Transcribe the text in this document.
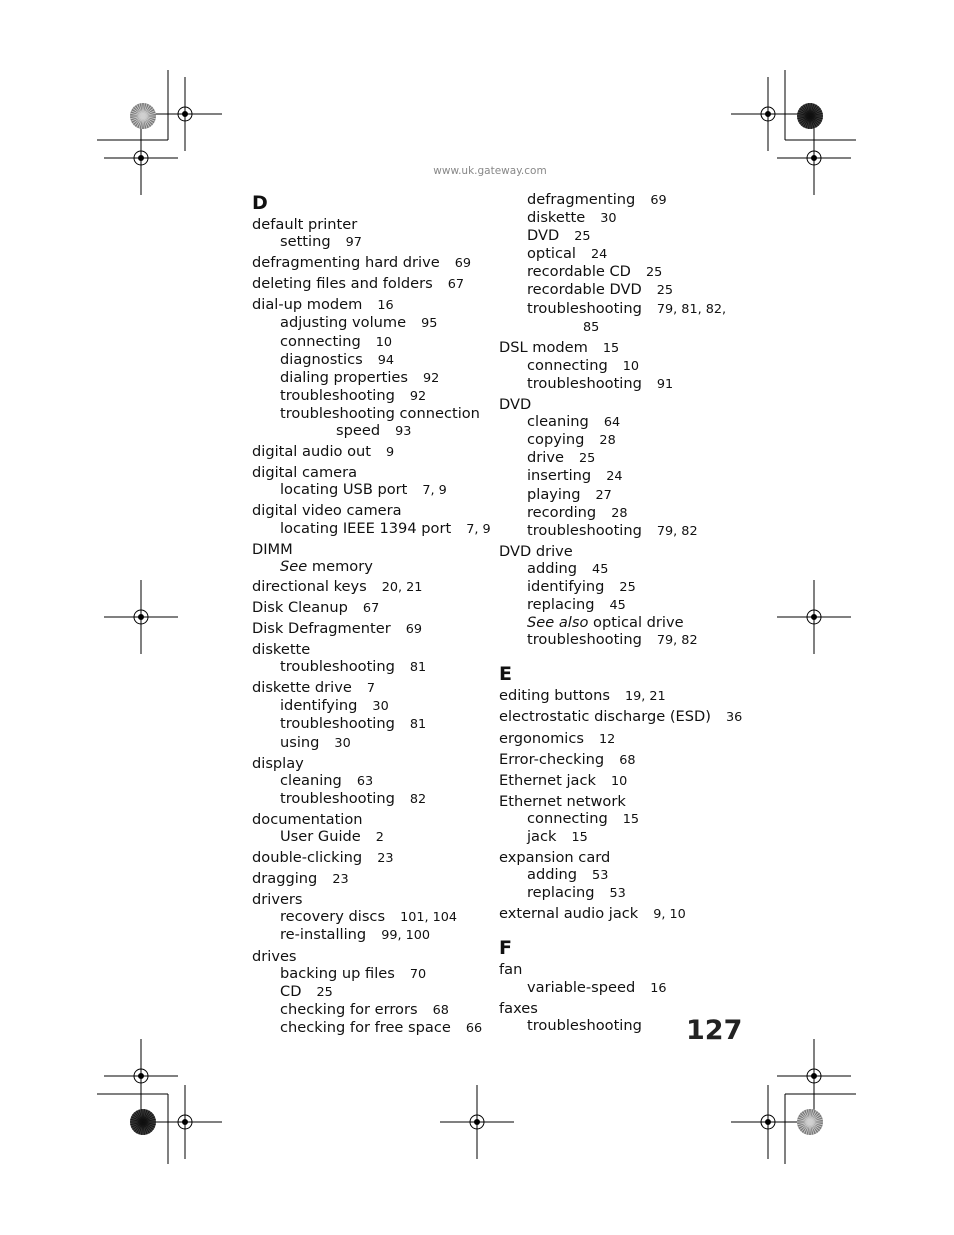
www.uk.gateway.com
D
default printer
setting 97
defragmenting hard drive 69
deleting files and folders 67
dial-up modem 16
adjusting volume 95
connecting 10
diagnostics 94
dialing properties 92
troubleshooting 92
troubleshooting connection
speed 93
digital audio out 9
digital camera
locating USB port 7, 9
digital video camera
locating IEEE 1394 port 7, 9
DIMM
See memory
directional keys 20, 21
Disk Cleanup 67
Disk Defragmenter 69
diskette
troubleshooting 81
diskette drive 7
identifying 30
troubleshooting 81
using 30
display
cleaning 63
troubleshooting 82
documentation
User Guide 2
double-clicking 23
dragging 23
drivers
recovery discs 101, 104
re-installing 99, 100
drives
backing up files 70
CD 25
checking for errors 68
checking for free space 66
defragmenting 69
diskette 30
DVD 25
optical 24
recordable CD 25
recordable DVD 25
troubleshooting 79, 81, 82,
85
DSL modem 15
connecting 10
troubleshooting 91
DVD
cleaning 64
copying 28
drive 25
inserting 24
playing 27
recording 28
troubleshooting 79, 82
DVD drive
adding 45
identifying 25
replacing 45
See also optical drive
troubleshooting 79, 82
E
editing buttons 19, 21
electrostatic discharge (ESD) 36
ergonomics 12
Error-checking 68
Ethernet jack 10
Ethernet network
connecting 15
jack 15
expansion card
adding 53
replacing 53
external audio jack 9, 10
F
fan
variable-speed 16
faxes
troubleshooting	127
